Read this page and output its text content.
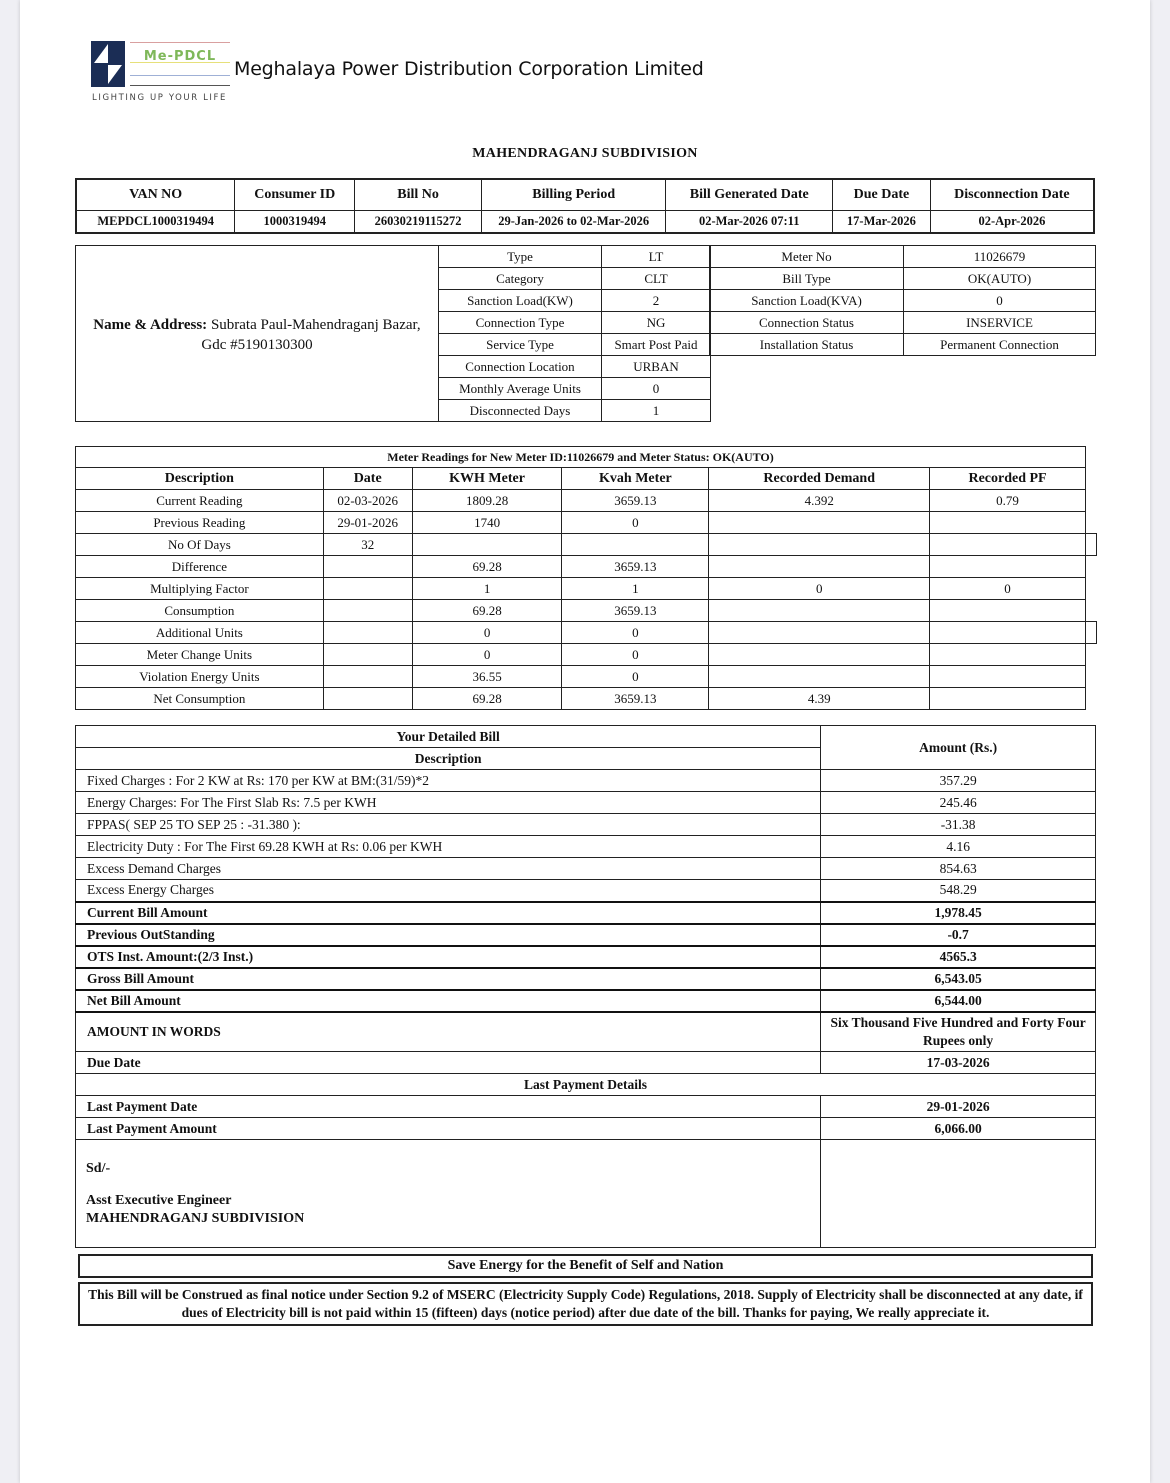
Me-PDCL
LIGHTING UP YOUR LIFE
Meghalaya Power Distribution Corporation Limited
MAHENDRAGANJ SUBDIVISION
VAN NO	Consumer ID	Bill No	Billing Period	Bill Generated Date	Due Date	Disconnection Date
MEPDCL1000319494	1000319494	26030219115272	29-Jan-2026 to 02-Mar-2026	02-Mar-2026 07:11	17-Mar-2026	02-Apr-2026
Name & Address: Subrata Paul-Mahendraganj Bazar,
Gdc #5190130300
Type	LT
Category	CLT
Sanction Load(KW)	2
Connection Type	NG
Service Type	Smart Post Paid
Connection Location	URBAN
Monthly Average Units	0
Disconnected Days	1
Meter No	11026679
Bill Type	OK(AUTO)
Sanction Load(KVA)	0
Connection Status	INSERVICE
Installation Status	Permanent Connection
Meter Readings for New Meter ID:11026679 and Meter Status: OK(AUTO)					
Description	Date	KWH Meter	Kvah Meter	Recorded Demand	Recorded PF
Current Reading	02-03-2026	1809.28	3659.13	4.392	0.79
Previous Reading	29-01-2026	1740	0		
No Of Days	32				
Difference		69.28	3659.13		
Multiplying Factor		1	1	0	0
Consumption		69.28	3659.13		
Additional Units		0	0		
Meter Change Units		0	0		
Violation Energy Units		36.55	0		
Net Consumption		69.28	3659.13	4.39	
Your Detailed Bill	Amount (Rs.)
Description	
Fixed Charges : For 2 KW at Rs: 170 per KW at BM:(31/59)*2	357.29
Energy Charges: For The First Slab Rs: 7.5 per KWH	245.46
FPPAS( SEP 25 TO SEP 25 : -31.380 ):	-31.38
Electricity Duty : For The First 69.28 KWH at Rs: 0.06 per KWH	4.16
Excess Demand Charges	854.63
Excess Energy Charges	548.29
Current Bill Amount	1,978.45
Previous OutStanding	-0.7
OTS Inst. Amount:(2/3 Inst.)	4565.3
Gross Bill Amount	6,543.05
Net Bill Amount	6,544.00
AMOUNT IN WORDS	Six Thousand Five Hundred and Forty Four Rupees only
Due Date	17-03-2026
Last Payment Details	
Last Payment Date	29-01-2026
Last Payment Amount	6,066.00

Sd/-
Asst Executive Engineer
MAHENDRAGANJ SUBDIVISION	

Save Energy for the Benefit of Self and Nation
This Bill will be Construed as final notice under Section 9.2 of MSERC (Electricity Supply Code) Regulations, 2018. Supply of Electricity shall be disconnected at any date, if dues of Electricity bill is not paid within 15 (fifteen) days (notice period) after due date of the bill. Thanks for paying, We really appreciate it.
